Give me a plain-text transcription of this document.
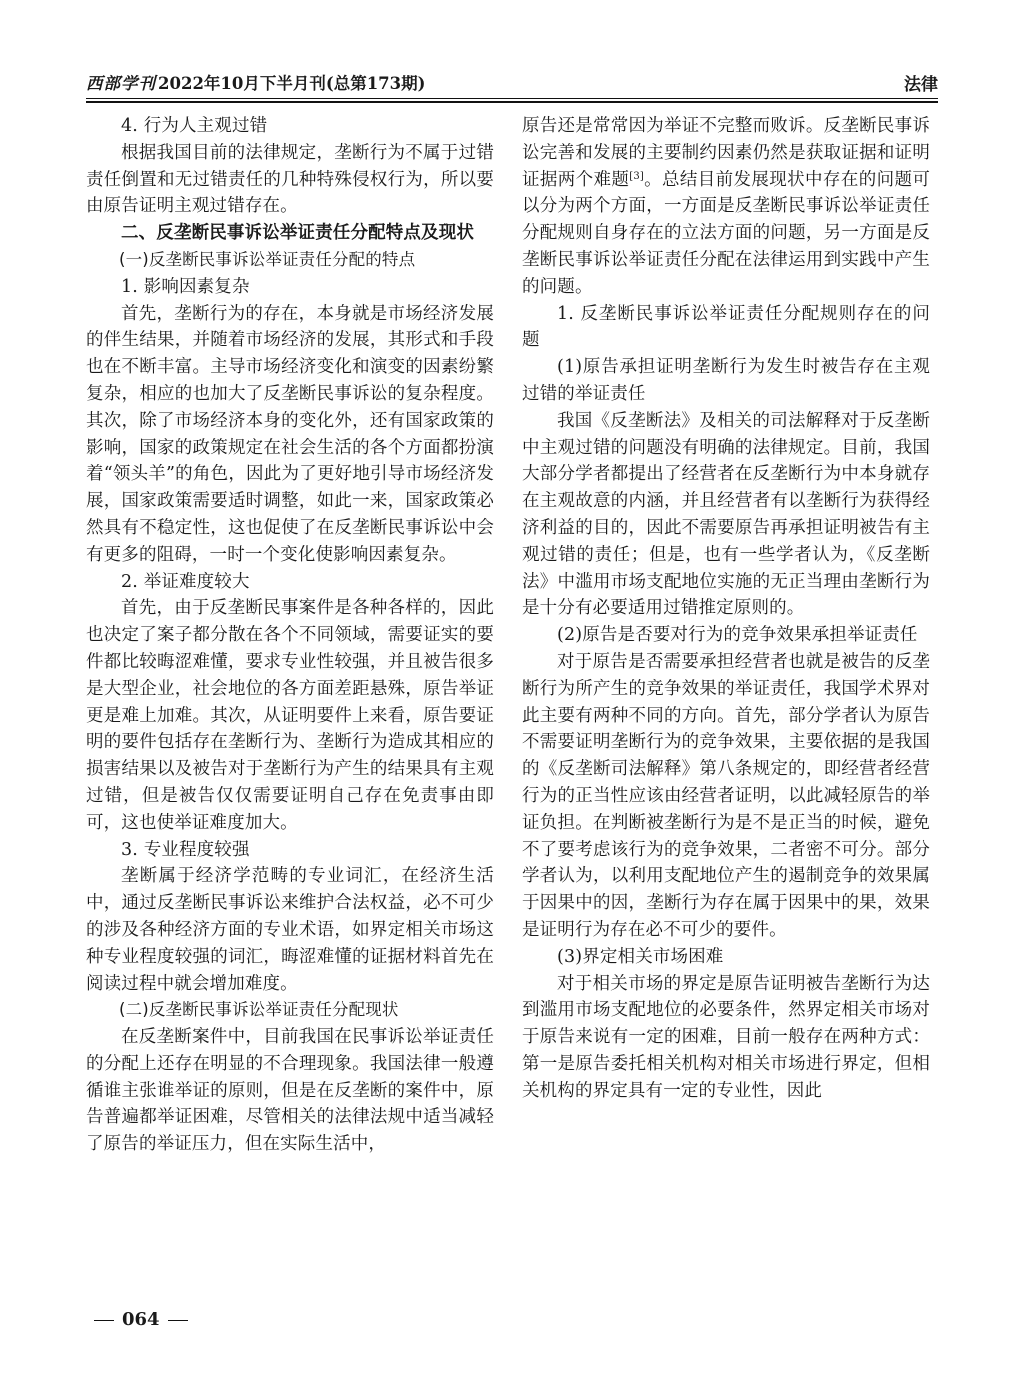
西部学刊 2022年10月下半月刊(总第173期)	法律

4. 行为人主观过错

根据我国目前的法律规定，垄断行为不属于过错责任倒置和无过错责任的几种特殊侵权行为，所以要由原告证明主观过错存在。

二、反垄断民事诉讼举证责任分配特点及现状

(一)反垄断民事诉讼举证责任分配的特点

1. 影响因素复杂

首先，垄断行为的存在，本身就是市场经济发展的伴生结果，并随着市场经济的发展，其形式和手段也在不断丰富。主导市场经济变化和演变的因素纷繁复杂，相应的也加大了反垄断民事诉讼的复杂程度。其次，除了市场经济本身的变化外，还有国家政策的影响，国家的政策规定在社会生活的各个方面都扮演着“领头羊”的角色，因此为了更好地引导市场经济发展，国家政策需要适时调整，如此一来，国家政策必然具有不稳定性，这也促使了在反垄断民事诉讼中会有更多的阻碍，一时一个变化使影响因素复杂。

2. 举证难度较大

首先，由于反垄断民事案件是各种各样的，因此也决定了案子都分散在各个不同领域，需要证实的要件都比较晦涩难懂，要求专业性较强，并且被告很多是大型企业，社会地位的各方面差距悬殊，原告举证更是难上加难。其次，从证明要件上来看，原告要证明的要件包括存在垄断行为、垄断行为造成其相应的损害结果以及被告对于垄断行为产生的结果具有主观过错，但是被告仅仅需要证明自己存在免责事由即可，这也使举证难度加大。

3. 专业程度较强

垄断属于经济学范畴的专业词汇，在经济生活中，通过反垄断民事诉讼来维护合法权益，必不可少的涉及各种经济方面的专业术语，如界定相关市场这种专业程度较强的词汇，晦涩难懂的证据材料首先在阅读过程中就会增加难度。

(二)反垄断民事诉讼举证责任分配现状

在反垄断案件中，目前我国在民事诉讼举证责任的分配上还存在明显的不合理现象。我国法律一般遵循谁主张谁举证的原则，但是在反垄断的案件中，原告普遍都举证困难，尽管相关的法律法规中适当减轻了原告的举证压力，但在实际生活中，

原告还是常常因为举证不完整而败诉。反垄断民事诉讼完善和发展的主要制约因素仍然是获取证据和证明证据两个难题[3]。总结目前发展现状中存在的问题可以分为两个方面，一方面是反垄断民事诉讼举证责任分配规则自身存在的立法方面的问题，另一方面是反垄断民事诉讼举证责任分配在法律运用到实践中产生的问题。

1. 反垄断民事诉讼举证责任分配规则存在的问题

(1)原告承担证明垄断行为发生时被告存在主观过错的举证责任

我国《反垄断法》及相关的司法解释对于反垄断中主观过错的问题没有明确的法律规定。目前，我国大部分学者都提出了经营者在反垄断行为中本身就存在主观故意的内涵，并且经营者有以垄断行为获得经济利益的目的，因此不需要原告再承担证明被告有主观过错的责任；但是，也有一些学者认为，《反垄断法》中滥用市场支配地位实施的无正当理由垄断行为是十分有必要适用过错推定原则的。

(2)原告是否要对行为的竞争效果承担举证责任

对于原告是否需要承担经营者也就是被告的反垄断行为所产生的竞争效果的举证责任，我国学术界对此主要有两种不同的方向。首先，部分学者认为原告不需要证明垄断行为的竞争效果，主要依据的是我国的《反垄断司法解释》第八条规定的，即经营者经营行为的正当性应该由经营者证明，以此减轻原告的举证负担。在判断被垄断行为是不是正当的时候，避免不了要考虑该行为的竞争效果，二者密不可分。部分学者认为，以利用支配地位产生的遏制竞争的效果属于因果中的因，垄断行为存在属于因果中的果，效果是证明行为存在必不可少的要件。

(3)界定相关市场困难

对于相关市场的界定是原告证明被告垄断行为达到滥用市场支配地位的必要条件，然界定相关市场对于原告来说有一定的困难，目前一般存在两种方式：第一是原告委托相关机构对相关市场进行界定，但相关机构的界定具有一定的专业性，因此

064
